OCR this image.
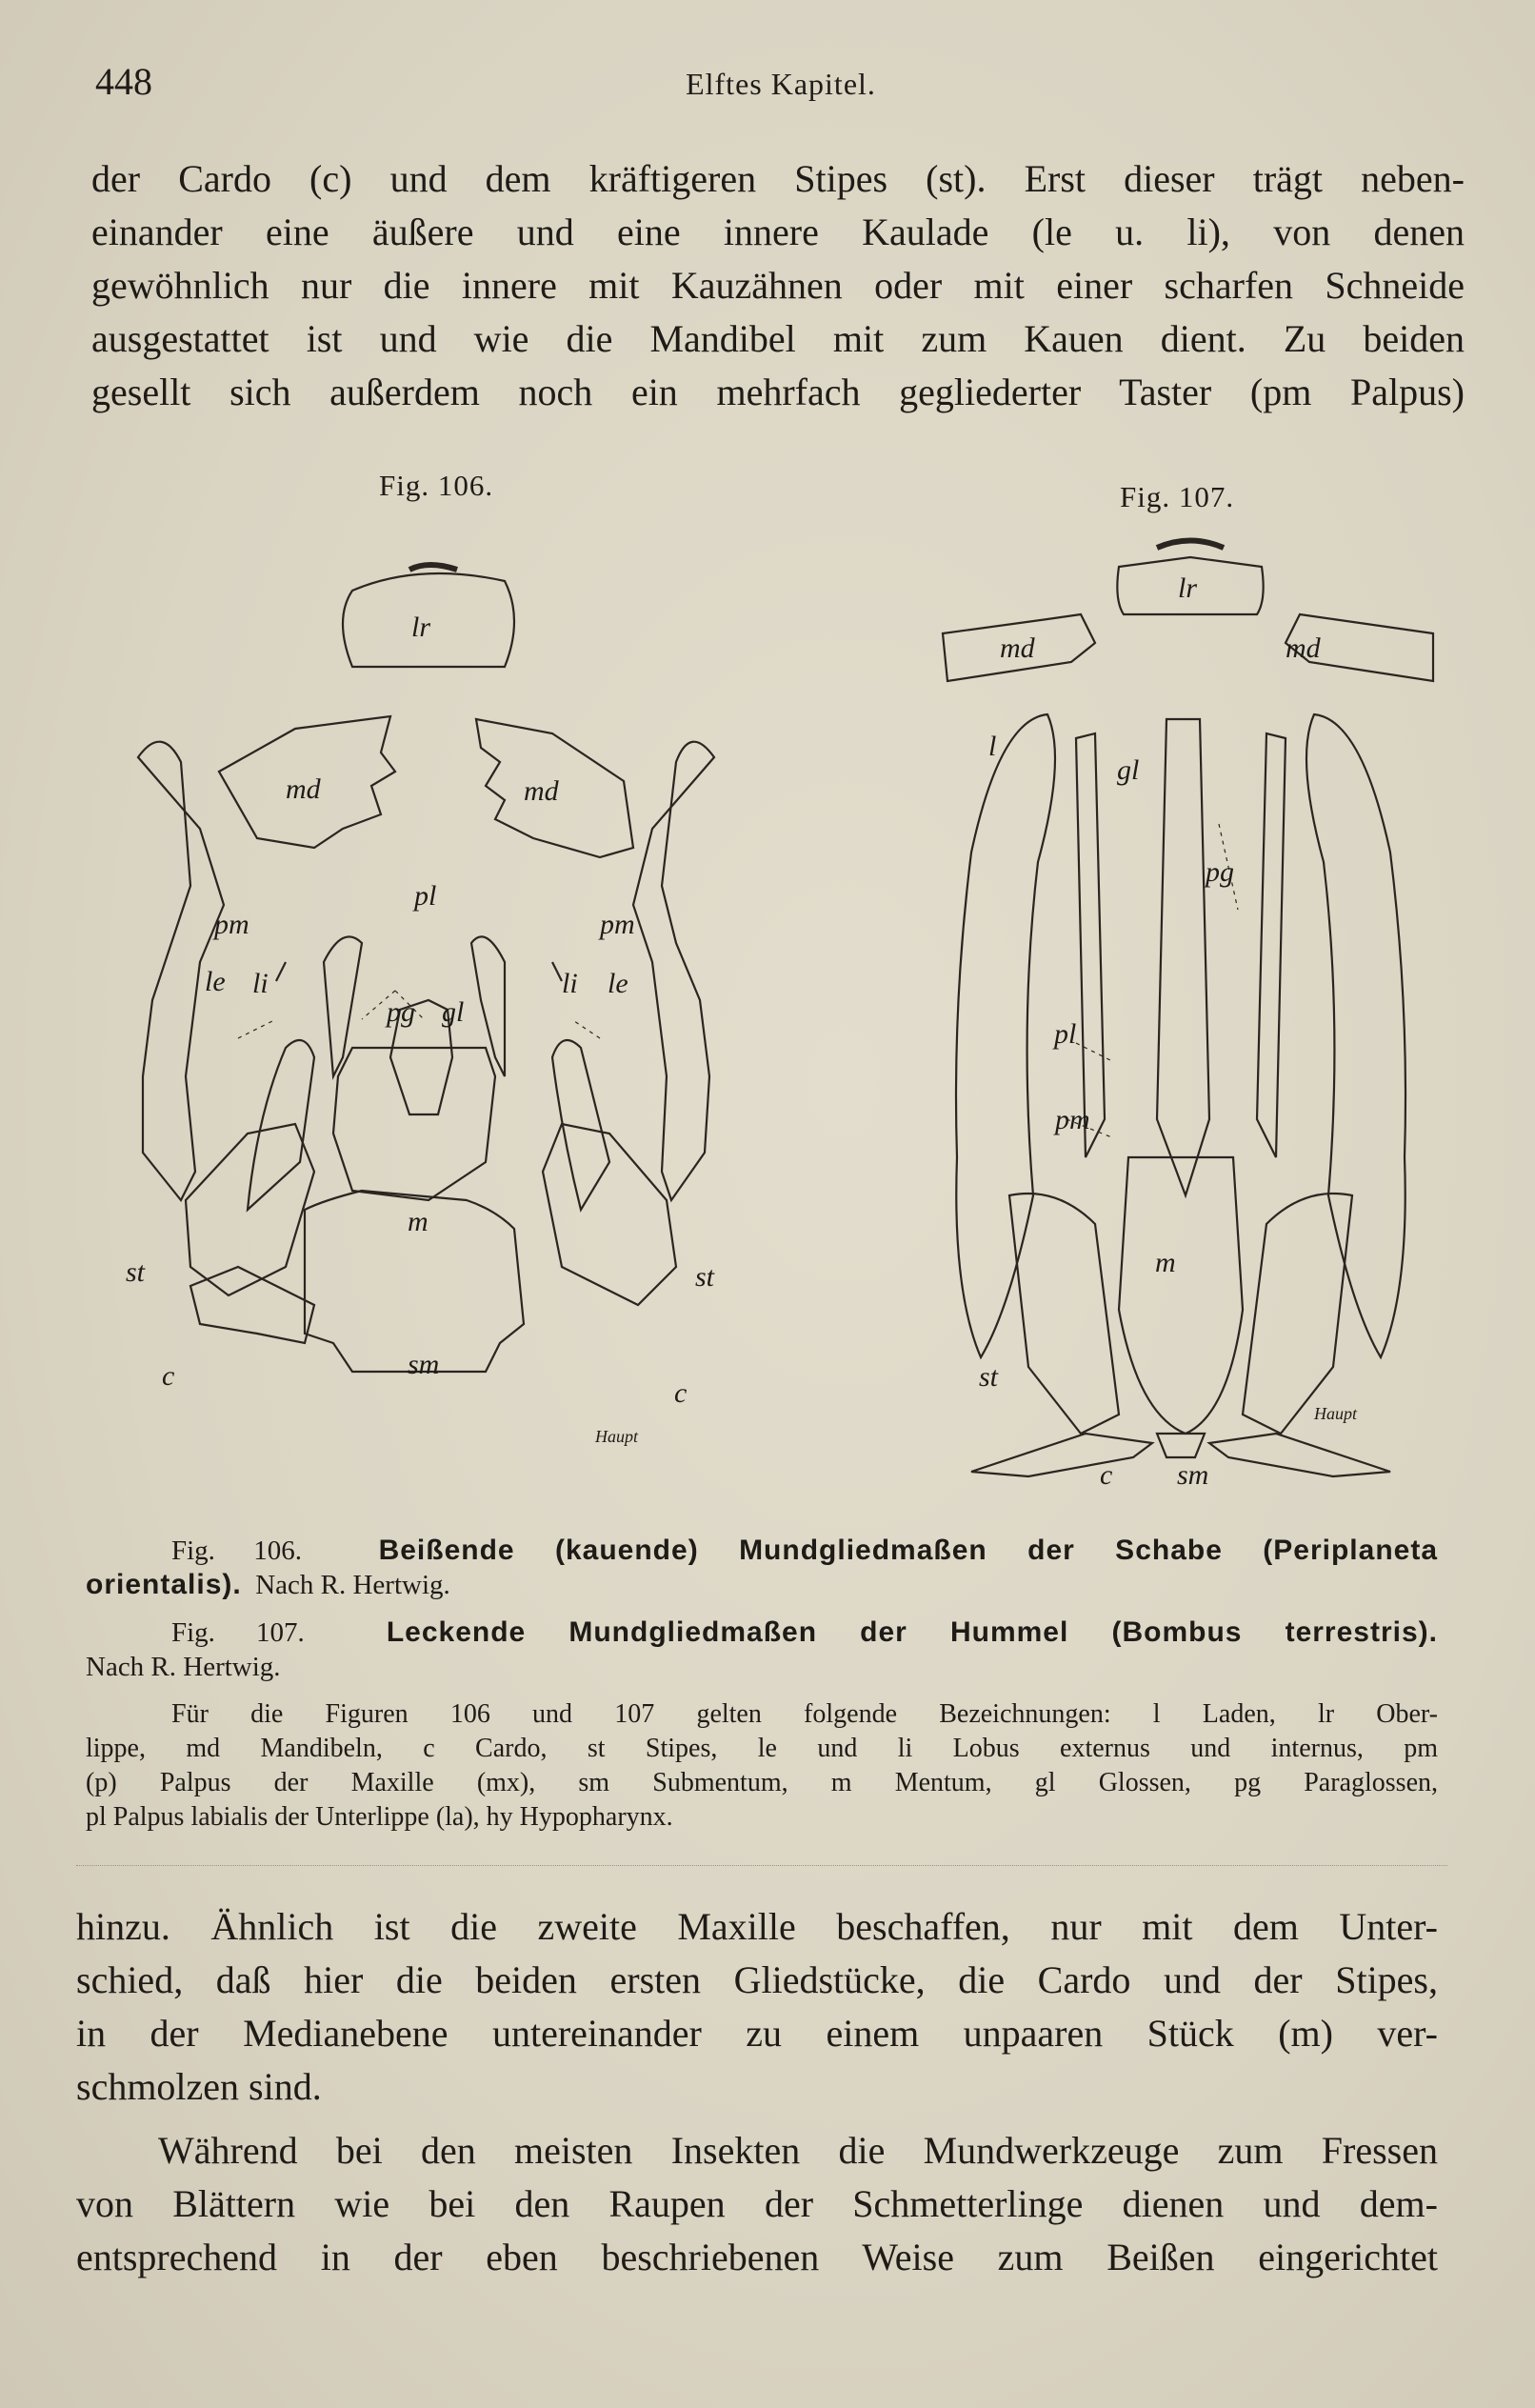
448	Elftes Kapitel.
der Cardo (c) und dem kräftigeren Stipes (st). Erst dieser trägt neben-
einander eine äußere und eine innere Kaulade (le u. li), von denen
gewöhnlich nur die innere mit Kauzähnen oder mit einer scharfen Schneide
ausgestattet ist und wie die Mandibel mit zum Kauen dient. Zu beiden
gesellt sich außerdem noch ein mehrfach gegliederter Taster (pm Palpus)
Fig. 106.	Fig. 107.
lr
md	md
pl
pm	pm
le li	li le
pg gl
m
st	st
c
c
sm
Haupt
lr
md	md
l
gl
pg
pl
pm
m
st
c sm
Haupt
Fig. 106.	Beißende (kauende) Mundgliedmaßen der Schabe (Periplaneta
orientalis). Nach R. Hertwig.
Fig. 107.	Leckende Mundgliedmaßen der Hummel (Bombus terrestris).
Nach R. Hertwig.
Für die Figuren 106 und 107 gelten folgende Bezeichnungen: l Laden, lr Ober-
lippe, md Mandibeln, c Cardo, st Stipes, le und li Lobus externus und internus, pm
(p) Palpus der Maxille (mx), sm Submentum, m Mentum, gl Glossen, pg Paraglossen,
pl Palpus labialis der Unterlippe (la), hy Hypopharynx.
hinzu. Ähnlich ist die zweite Maxille beschaffen, nur mit dem Unter-
schied, daß hier die beiden ersten Gliedstücke, die Cardo und der Stipes,
in der Medianebene untereinander zu einem unpaaren Stück (m) ver-
schmolzen sind.
Während bei den meisten Insekten die Mundwerkzeuge zum Fressen
von Blättern wie bei den Raupen der Schmetterlinge dienen und dem-
entsprechend in der eben beschriebenen Weise zum Beißen eingerichtet
